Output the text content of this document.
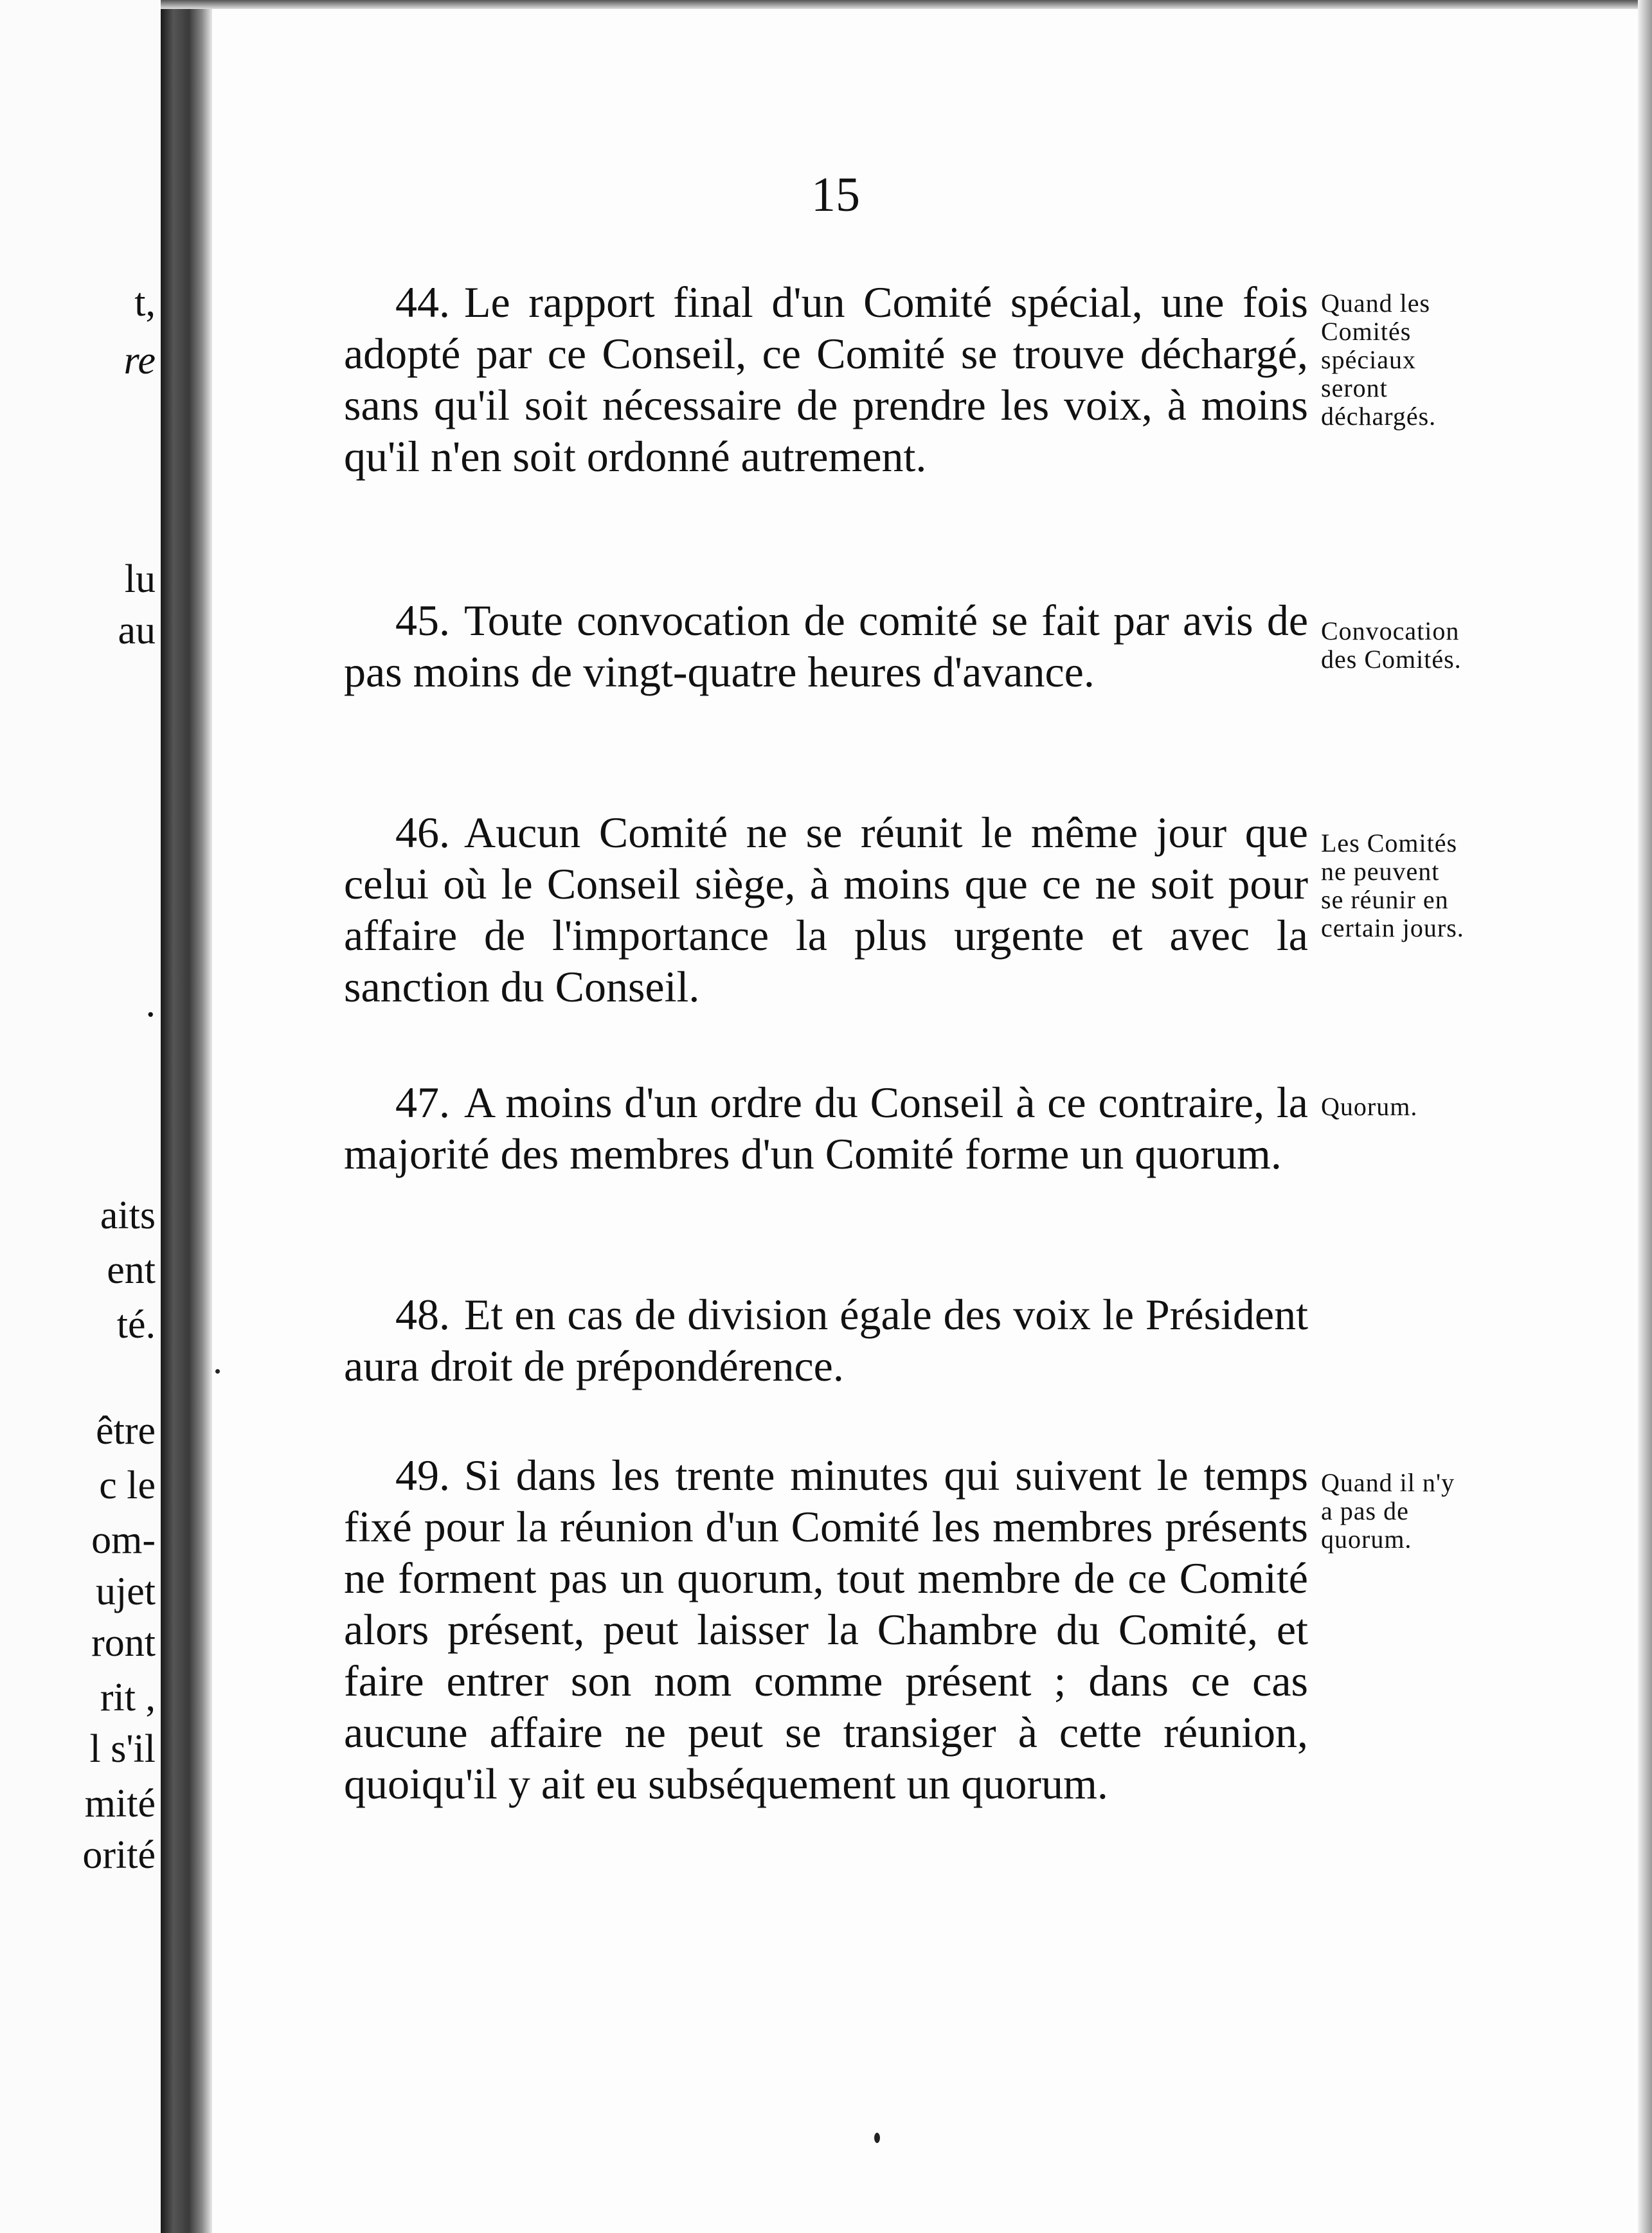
t,
re
lu
au
.
aits
ent
té.
être
c le
om-
ujet
ront
rit ,
l s'il
mité
orité
15

44. Le rapport final d'un Comité spécial, une fois adopté par ce Conseil, ce Comité se trouve déchargé, sans qu'il soit nécessaire de prendre les voix, à moins qu'il n'en soit ordonné autrement.

Quand les
Comités
spéciaux
seront
déchargés.

45. Toute convocation de comité se fait par avis de pas moins de vingt-quatre heures d'avance.

Convocation
des Comités.

46. Aucun Comité ne se réunit le même jour que celui où le Conseil siège, à moins que ce ne soit pour affaire de l'importance la plus urgente et avec la sanction du Conseil.

Les Comités
ne peuvent
se réunir en
certain jours.

47. A moins d'un ordre du Conseil à ce contraire, la majorité des membres d'un Comité forme un quorum.

Quorum.

48. Et en cas de division égale des voix le Président aura droit de prépondérence.

49. Si dans les trente minutes qui suivent le temps fixé pour la réunion d'un Comité les membres présents ne forment pas un quorum, tout membre de ce Comité alors présent, peut laisser la Chambre du Comité, et faire entrer son nom comme présent ; dans ce cas aucune affaire ne peut se transiger à cette réunion, quoiqu'il y ait eu subséquement un quorum.

Quand il n'y
a pas de
quorum.
